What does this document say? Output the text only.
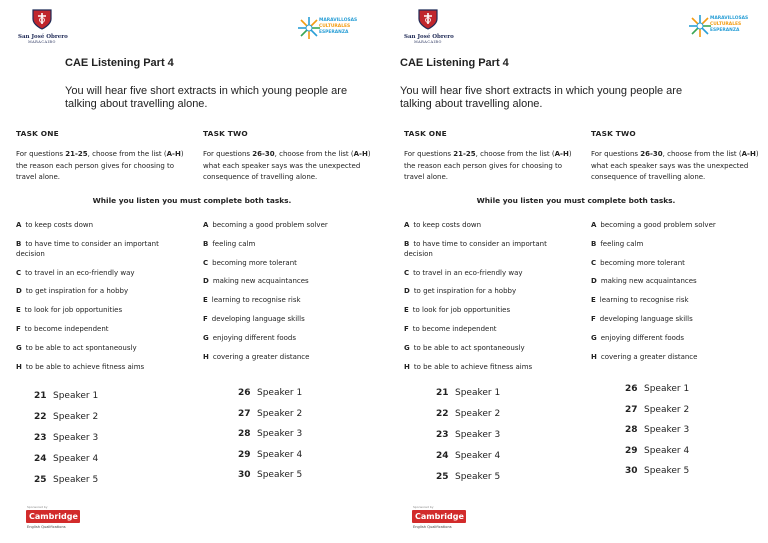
San José Obrero
MARACAIBO
MARAVILLOSAS
CULTURALES
ESPERANZA
CAE Listening Part 4
You will hear five short extracts in which young people are talking about travelling alone.
TASK ONE
For questions 21-25, choose from the list (A-H) the reason each person gives for choosing to travel alone.
TASK TWO
For questions 26-30, choose from the list (A-H) what each speaker says was the unexpected consequence of travelling alone.
While you listen you must complete both tasks.
A to keep costs down
B to have time to consider an important decision
C to travel in an eco-friendly way
D to get inspiration for a hobby
E to look for job opportunities
F to become independent
G to be able to act spontaneously
H to be able to achieve fitness aims
A becoming a good problem solver
B feeling calm
C becoming more tolerant
D making new acquaintances
E learning to recognise risk
F developing language skills
G enjoying different foods
H covering a greater distance
21 Speaker 1
22 Speaker 2
23 Speaker 3
24 Speaker 4
25 Speaker 5
26 Speaker 1
27 Speaker 2
28 Speaker 3
29 Speaker 4
30 Speaker 5
Sponsored by
Cambridge
English Qualifications
San José Obrero
MARACAIBO
MARAVILLOSAS
CULTURALES
ESPERANZA
CAE Listening Part 4
You will hear five short extracts in which young people are talking about travelling alone.
TASK ONE
For questions 21-25, choose from the list (A-H) the reason each person gives for choosing to travel alone.
TASK TWO
For questions 26-30, choose from the list (A-H) what each speaker says was the unexpected consequence of travelling alone.
While you listen you must complete both tasks.
A to keep costs down
B to have time to consider an important decision
C to travel in an eco-friendly way
D to get inspiration for a hobby
E to look for job opportunities
F to become independent
G to be able to act spontaneously
H to be able to achieve fitness aims
A becoming a good problem solver
B feeling calm
C becoming more tolerant
D making new acquaintances
E learning to recognise risk
F developing language skills
G enjoying different foods
H covering a greater distance
21 Speaker 1
22 Speaker 2
23 Speaker 3
24 Speaker 4
25 Speaker 5
26 Speaker 1
27 Speaker 2
28 Speaker 3
29 Speaker 4
30 Speaker 5
Sponsored by
Cambridge
English Qualifications
